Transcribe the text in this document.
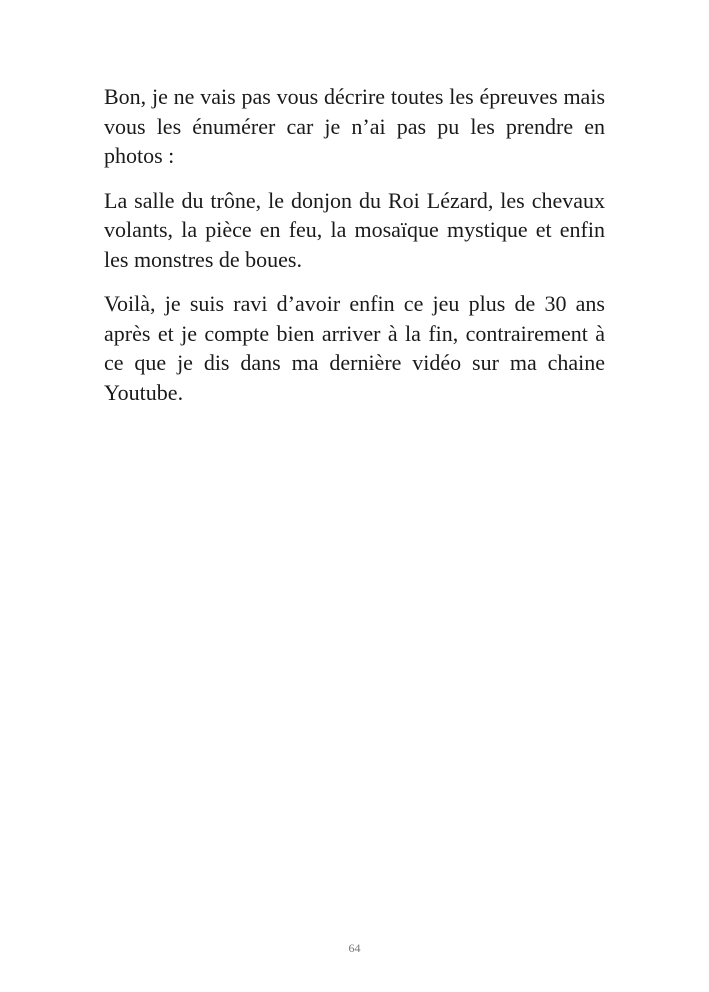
Bon, je ne vais pas vous décrire toutes les épreuves mais vous les énumérer car je n’ai pas pu les prendre en photos :

La salle du trône, le donjon du Roi Lézard, les chevaux volants, la pièce en feu, la mosaïque mystique et enfin les monstres de boues.

Voilà, je suis ravi d’avoir enfin ce jeu plus de 30 ans après et je compte bien arriver à la fin, contrairement à ce que je dis dans ma dernière vidéo sur ma chaine Youtube.

64
